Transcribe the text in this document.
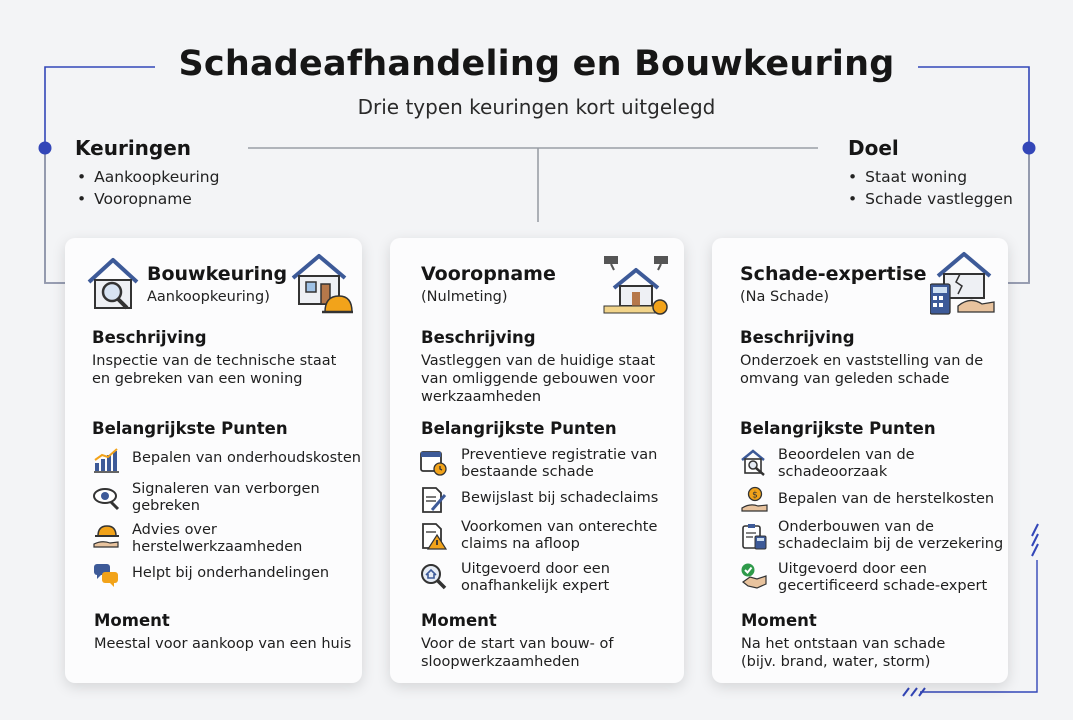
Schadeafhandeling en Bouwkeuring
Drie typen keuringen kort uitgelegd
Keuringen
• Aankoopkeuring
• Vooropname
Doel
• Staat woning
• Schade vastleggen
Bouwkeuring
Aankoopkeuring)
Beschrijving
Inspectie van de technische staat
en gebreken van een woning
Belangrijkste Punten
Bepalen van onderhoudskosten
Signaleren van verborgen
gebreken
Advies over
herstelwerkzaamheden
Helpt bij onderhandelingen
Moment
Meestal voor aankoop van een huis
Vooropname
(Nulmeting)
Beschrijving
Vastleggen van de huidige staat
van omliggende gebouwen voor
werkzaamheden
Belangrijkste Punten
Preventieve registratie van
bestaande schade
Bewijslast bij schadeclaims
Voorkomen van onterechte
claims na afloop
Uitgevoerd door een
onafhankelijk expert
Moment
Voor de start van bouw- of
sloopwerkzaamheden
Schade-expertise
(Na Schade)
Beschrijving
Onderzoek en vaststelling van de
omvang van geleden schade
Belangrijkste Punten
Beoordelen van de
schadeoorzaak
$ Bepalen van de herstelkosten
Onderbouwen van de
schadeclaim bij de verzekering
Uitgevoerd door een
gecertificeerd schade-expert
Moment
Na het ontstaan van schade
(bijv. brand, water, storm)
